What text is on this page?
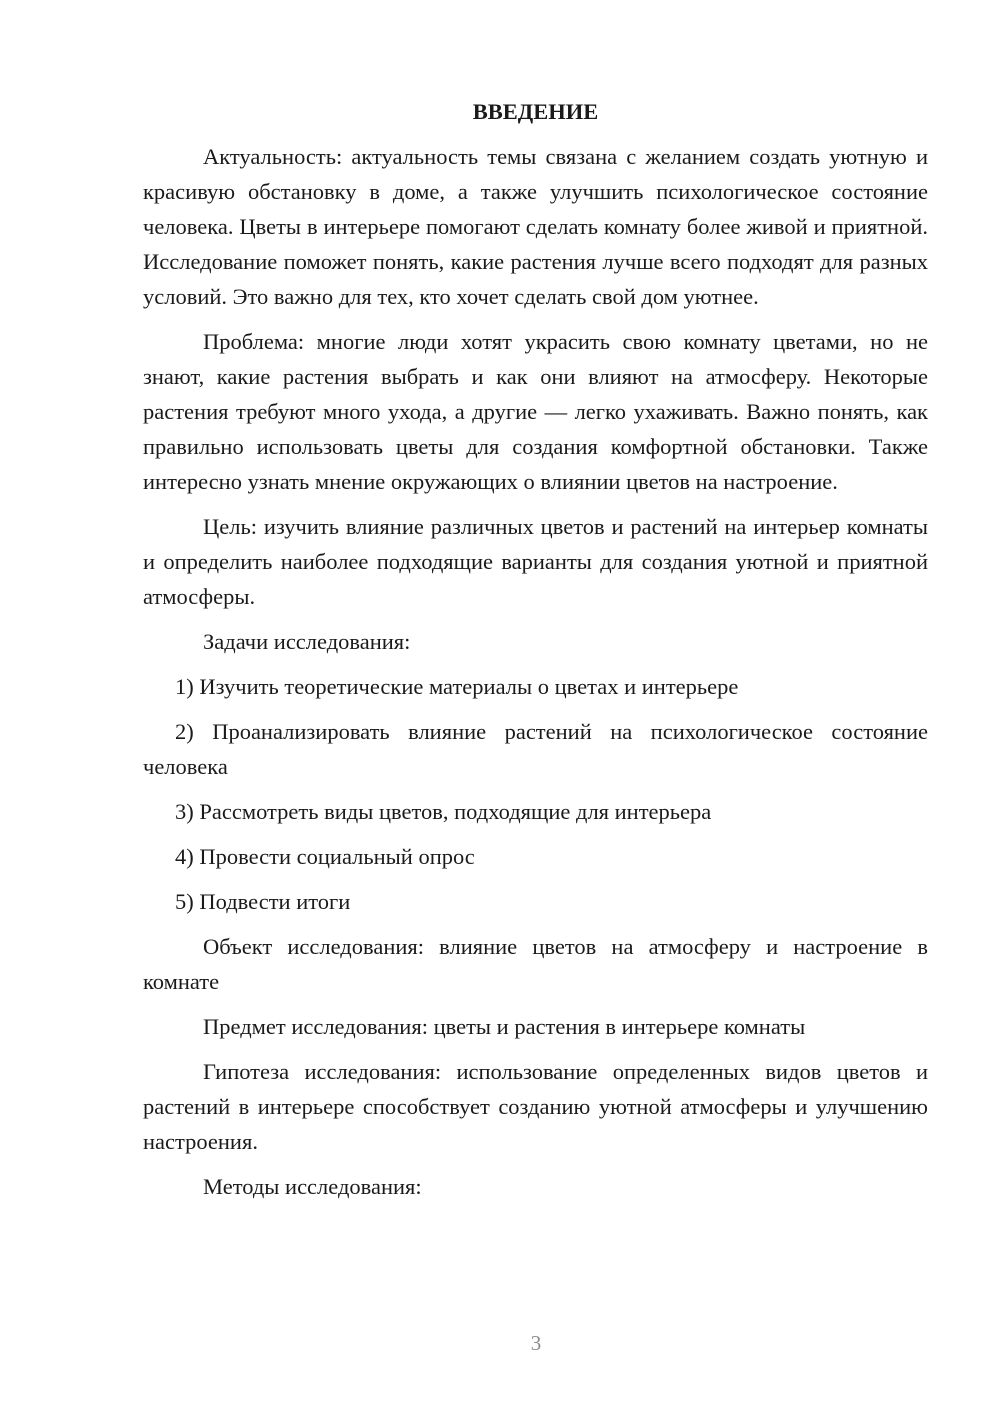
ВВЕДЕНИЕ

Актуальность: актуальность темы связана с желанием создать уютную и красивую обстановку в доме, а также улучшить психологическое состояние человека. Цветы в интерьере помогают сделать комнату более живой и приятной. Исследование поможет понять, какие растения лучше всего подходят для разных условий. Это важно для тех, кто хочет сделать свой дом уютнее.

Проблема: многие люди хотят украсить свою комнату цветами, но не знают, какие растения выбрать и как они влияют на атмосферу. Некоторые растения требуют много ухода, а другие — легко ухаживать. Важно понять, как правильно использовать цветы для создания комфортной обстановки. Также интересно узнать мнение окружающих о влиянии цветов на настроение.

Цель: изучить влияние различных цветов и растений на интерьер комнаты и определить наиболее подходящие варианты для создания уютной и приятной атмосферы.

Задачи исследования:

1) Изучить теоретические материалы о цветах и интерьере

2) Проанализировать влияние растений на психологическое состояние человека

3) Рассмотреть виды цветов, подходящие для интерьера

4) Провести социальный опрос

5) Подвести итоги

Объект исследования: влияние цветов на атмосферу и настроение в комнате

Предмет исследования: цветы и растения в интерьере комнаты

Гипотеза исследования: использование определенных видов цветов и растений в интерьере способствует созданию уютной атмосферы и улучшению настроения.

Методы исследования:

3
